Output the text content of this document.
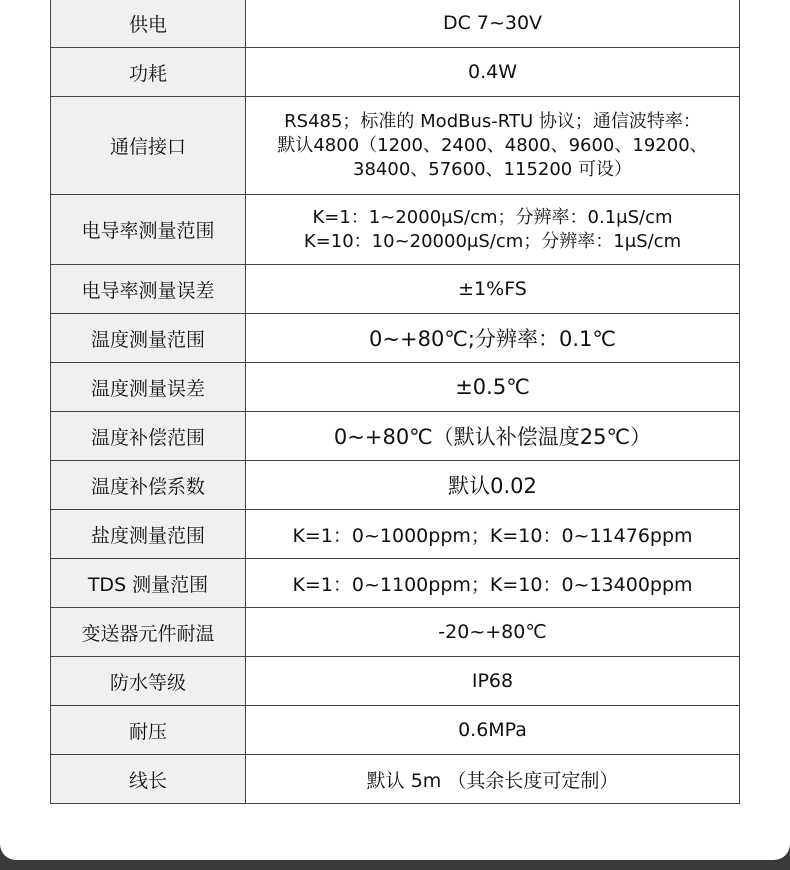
供电	DC 7~30V
功耗	0.4W
通信接口	RS485；标准的 ModBus-RTU 协议；通信波特率：
默认4800（1200、2400、4800、9600、19200、
38400、57600、115200 可设）

电导率测量范围	K=1：1~2000μS/cm；分辨率：0.1μS/cm
K=10：10~20000μS/cm；分辨率：1μS/cm

电导率测量误差	±1%FS
温度测量范围	0~+80℃;分辨率：0.1℃
温度测量误差	±0.5℃
温度补偿范围	0~+80℃（默认补偿温度25℃）
温度补偿系数	默认0.02
盐度测量范围	K=1：0~1000ppm；K=10：0~11476ppm
TDS 测量范围	K=1：0~1100ppm；K=10：0~13400ppm
变送器元件耐温	-20~+80℃
防水等级	IP68
耐压	0.6MPa
线长	默认 5m （其余长度可定制）
